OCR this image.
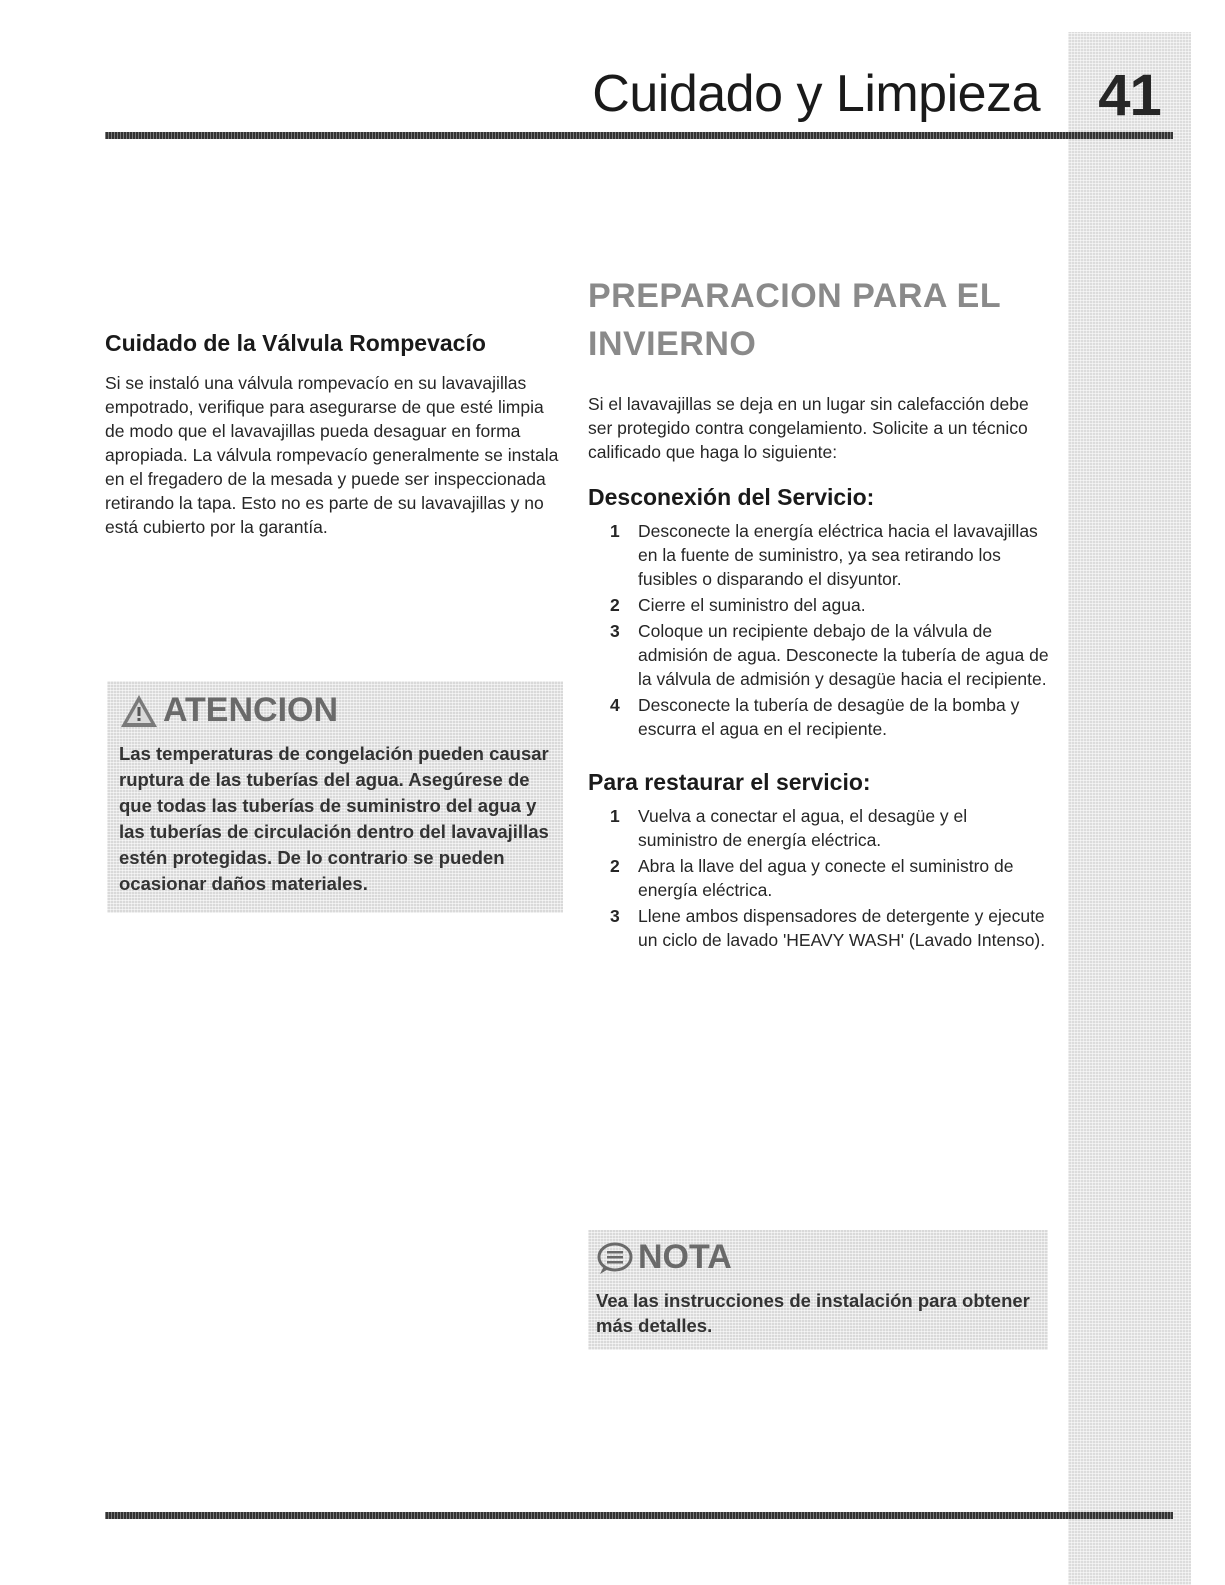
41
Cuidado y Limpieza
Cuidado de la Válvula Rompevacío

Si se instaló una válvula rompevacío en su lavavajillas empotrado, verifique para asegurarse de que esté limpia de modo que el lavavajillas pueda desaguar en forma apropiada. La válvula rompevacío generalmente se instala en el fregadero de la mesada y puede ser inspeccionada retirando la tapa. Esto no es parte de su lavavajillas y no está cubierto por la garantía.

ATENCION
Las temperaturas de congelación pueden causar ruptura de las tuberías del agua. Asegúrese de que todas las tuberías de suministro del agua y las tuberías de circulación dentro del lavavajillas estén protegidas. De lo contrario se pueden ocasionar daños materiales.
PREPARACION PARA EL
INVIERNO

Si el lavavajillas se deja en un lugar sin calefacción debe ser protegido contra congelamiento. Solicite a un técnico calificado que haga lo siguiente:

Desconexión del Servicio:
1 Desconecte la energía eléctrica hacia el lavavajillas en la fuente de suministro, ya sea retirando los fusibles o disparando el disyuntor.
2 Cierre el suministro del agua.
3 Coloque un recipiente debajo de la válvula de admisión de agua. Desconecte la tubería de agua de la válvula de admisión y desagüe hacia el recipiente.
4 Desconecte la tubería de desagüe de la bomba y escurra el agua en el recipiente.
Para restaurar el servicio:
1 Vuelva a conectar el agua, el desagüe y el suministro de energía eléctrica.
2 Abra la llave del agua y conecte el suministro de energía eléctrica.
3 Llene ambos dispensadores de detergente y ejecute un ciclo de lavado 'HEAVY WASH' (Lavado Intenso).
NOTA
Vea las instrucciones de instalación para obtener más detalles.
